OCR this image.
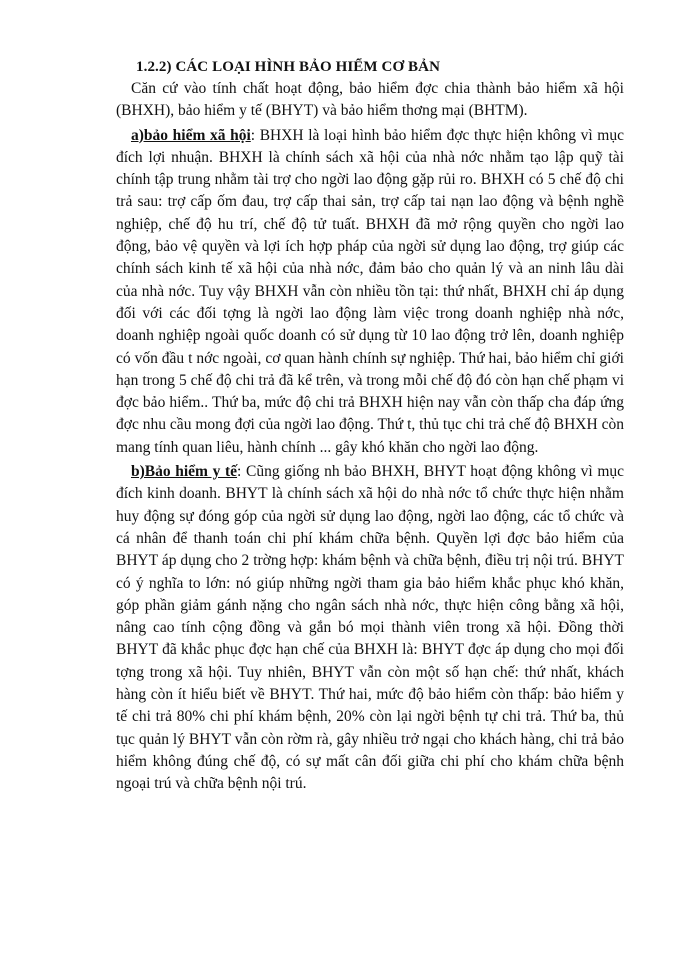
1.2.2) CÁC LOẠI HÌNH BẢO HIỂM CƠ BẢN

Căn cứ vào tính chất hoạt động, bảo hiểm đợc chia thành bảo hiểm xã hội (BHXH), bảo hiểm y tế (BHYT) và bảo hiểm thơng mại (BHTM).

a)bảo hiểm xã hội: BHXH là loại hình bảo hiểm đợc thực hiện không vì mục đích lợi nhuận. BHXH là chính sách xã hội của nhà nớc nhằm tạo lập quỹ tài chính tập trung nhằm tài trợ cho ngời lao động gặp rủi ro. BHXH có 5 chế độ chi trả sau: trợ cấp ốm đau, trợ cấp thai sản, trợ cấp tai nạn lao động và bệnh nghề nghiệp, chế độ hu trí, chế độ tử tuất. BHXH đã mở rộng quyền cho ngời lao động, bảo vệ quyền và lợi ích hợp pháp của ngời sử dụng lao động, trợ giúp các chính sách kinh tế xã hội của nhà nớc, đảm bảo cho quản lý và an ninh lâu dài của nhà nớc. Tuy vậy BHXH vẫn còn nhiều tồn tại: thứ nhất, BHXH chỉ áp dụng đối với các đối tợng là ngời lao động làm việc trong doanh nghiệp nhà nớc, doanh nghiệp ngoài quốc doanh có sử dụng từ 10 lao động trở lên, doanh nghiệp có vốn đầu t nớc ngoài, cơ quan hành chính sự nghiệp. Thứ hai, bảo hiểm chỉ giới hạn trong 5 chế độ chi trả đã kể trên, và trong mỗi chế độ đó còn hạn chế phạm vi đợc bảo hiểm.. Thứ ba, mức độ chi trả BHXH hiện nay vẫn còn thấp cha đáp ứng đợc nhu cầu mong đợi của ngời lao động. Thứ t, thủ tục chi trả chế độ BHXH còn mang tính quan liêu, hành chính ... gây khó khăn cho ngời lao động.

b)Bảo hiểm y tế: Cũng giống nh bảo BHXH, BHYT hoạt động không vì mục đích kinh doanh. BHYT là chính sách xã hội do nhà nớc tổ chức thực hiện nhằm huy động sự đóng góp của ngời sử dụng lao động, ngời lao động, các tổ chức và cá nhân để thanh toán chi phí khám chữa bệnh. Quyền lợi đợc bảo hiểm của BHYT áp dụng cho 2 trờng hợp: khám bệnh và chữa bệnh, điều trị nội trú. BHYT có ý nghĩa to lớn: nó giúp những ngời tham gia bảo hiểm khắc phục khó khăn, góp phần giảm gánh nặng cho ngân sách nhà nớc, thực hiện công bằng xã hội, nâng cao tính cộng đồng và gắn bó mọi thành viên trong xã hội. Đồng thời BHYT đã khắc phục đợc hạn chế của BHXH là: BHYT đợc áp dụng cho mọi đối tợng trong xã hội. Tuy nhiên, BHYT vẫn còn một số hạn chế: thứ nhất, khách hàng còn ít hiểu biết về BHYT. Thứ hai, mức độ bảo hiểm còn thấp: bảo hiểm y tế chi trả 80% chi phí khám bệnh, 20% còn lại ngời bệnh tự chi trả. Thứ ba, thủ tục quản lý BHYT vẫn còn rờm rà, gây nhiều trở ngại cho khách hàng, chi trả bảo hiểm không đúng chế độ, có sự mất cân đối giữa chi phí cho khám chữa bệnh ngoại trú và chữa bệnh nội trú.
